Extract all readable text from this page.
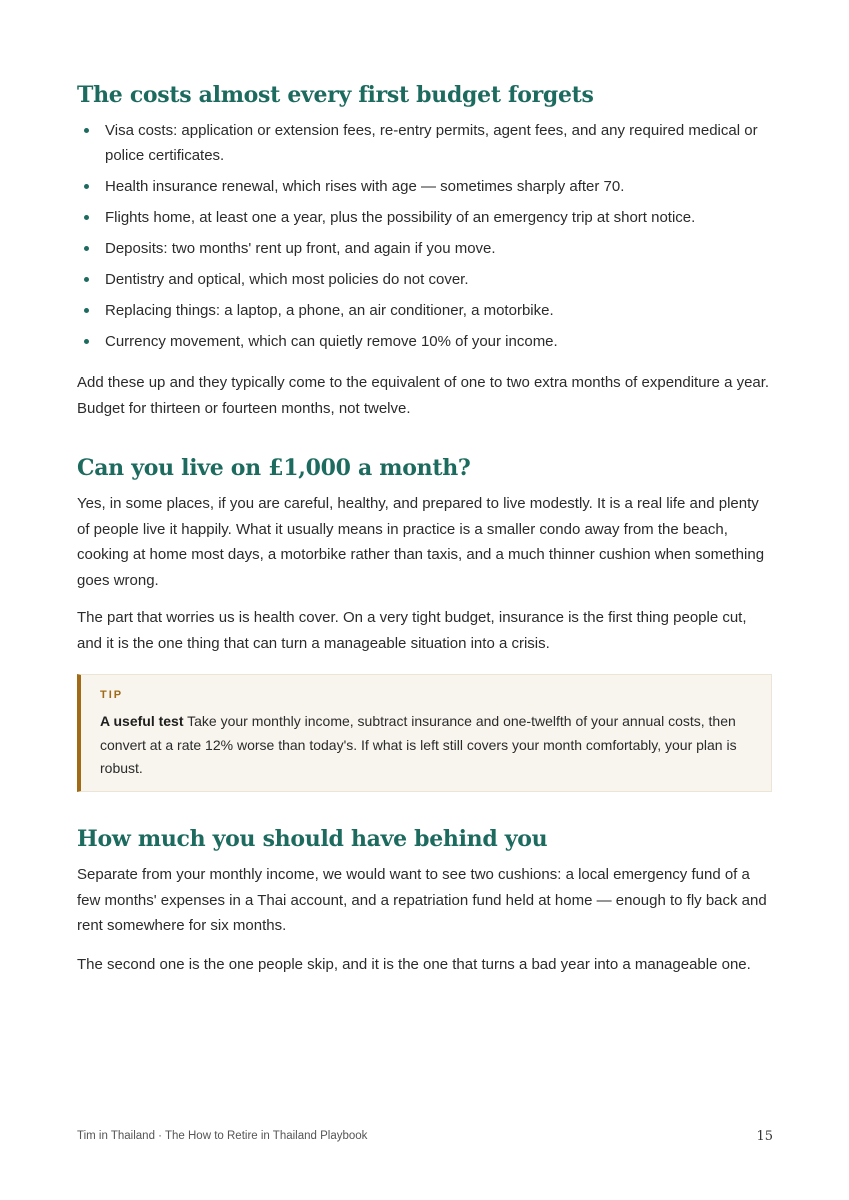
The costs almost every first budget forgets
Visa costs: application or extension fees, re-entry permits, agent fees, and any required medical or police certificates.
Health insurance renewal, which rises with age — sometimes sharply after 70.
Flights home, at least one a year, plus the possibility of an emergency trip at short notice.
Deposits: two months' rent up front, and again if you move.
Dentistry and optical, which most policies do not cover.
Replacing things: a laptop, a phone, an air conditioner, a motorbike.
Currency movement, which can quietly remove 10% of your income.

Add these up and they typically come to the equivalent of one to two extra months of expenditure a year. Budget for thirteen or fourteen months, not twelve.

Can you live on £1,000 a month?

Yes, in some places, if you are careful, healthy, and prepared to live modestly. It is a real life and plenty of people live it happily. What it usually means in practice is a smaller condo away from the beach, cooking at home most days, a motorbike rather than taxis, and a much thinner cushion when something goes wrong.

The part that worries us is health cover. On a very tight budget, insurance is the first thing people cut, and it is the one thing that can turn a manageable situation into a crisis.

TIP
A useful test Take your monthly income, subtract insurance and one-twelfth of your annual costs, then convert at a rate 12% worse than today's. If what is left still covers your month comfortably, your plan is robust.
How much you should have behind you

Separate from your monthly income, we would want to see two cushions: a local emergency fund of a few months' expenses in a Thai account, and a repatriation fund held at home — enough to fly back and rent somewhere for six months.

The second one is the one people skip, and it is the one that turns a bad year into a manageable one.

Tim in Thailand · The How to Retire in Thailand Playbook	15
